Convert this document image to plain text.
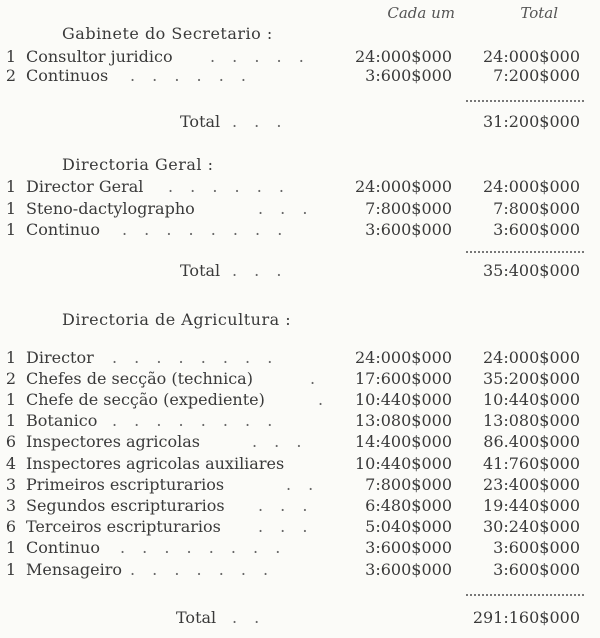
Cada um	Total
Gabinete do Secretario :
1 Consultor juridico . . . . .	24:000$000 24:000$000
2 Continuos . . . . . .	3:600$000	7:200$000
Total . . .	31:200$000
Directoria Geral :
1 Director Geral . . . . . .	24:000$000 24:000$000
1 Steno-dactylographo	. . .	7:800$000	7:800$000
1 Continuo . . . . . . . .	3:600$000	3:600$000
Total . . .	35:400$000
Directoria de Agricultura :
1 Director . . . . . . . .	24:000$000 24:000$000
2 Chefes de secção (technica)	. 17:600$000 35:200$000
1 Chefe de secção (expediente)	. 10:440$000 10:440$000
1 Botanico . . . . . . . .	13:080$000 13:080$000
6 Inspectores agricolas	. . .	14:400$000 86.400$000
4 Inspectores agricolas auxiliares	10:440$000 41:760$000
3 Primeiros escripturarios	. .	7:800$000 23:400$000
3 Segundos escripturarios . . .	6:480$000 19:440$000
6 Terceiros escripturarios . . .	5:040$000 30:240$000
1 Continuo . . . . . . . .	3:600$000	3:600$000
1 Mensageiro . . . . . . .	3:600$000	3:600$000
Total . .	291:160$000
